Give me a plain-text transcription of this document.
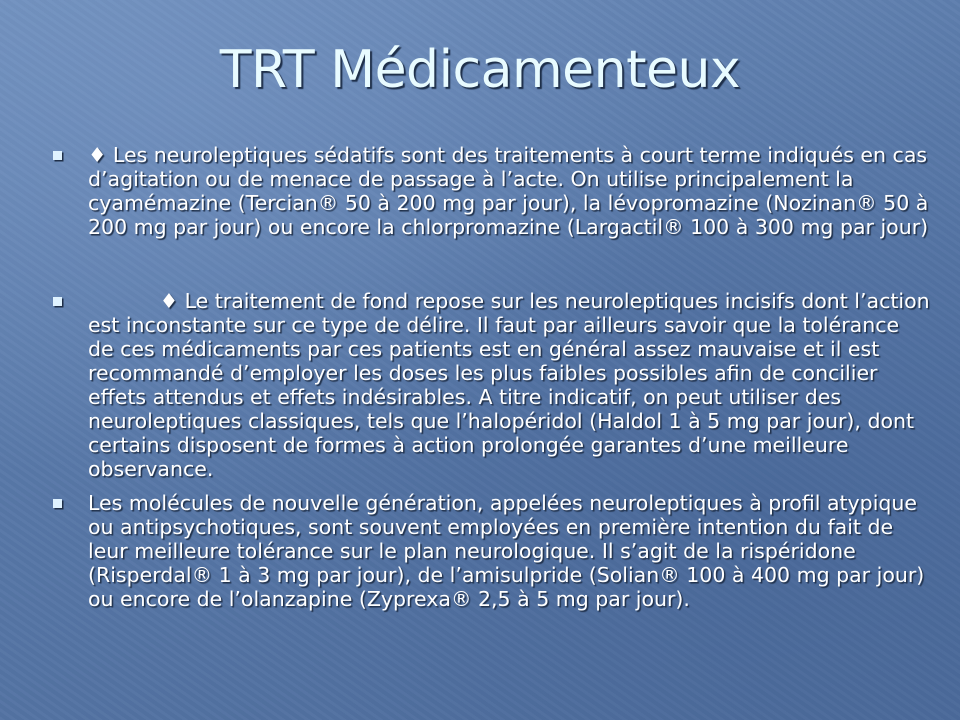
TRT Médicamenteux
♦ Les neuroleptiques sédatifs sont des traitements à court terme indiqués en cas d’agitation ou de menace de passage à l’acte. On utilise principalement la cyamémazine (Tercian® 50 à 200 mg par jour), la lévopromazine (Nozinan® 50 à 200 mg par jour) ou encore la chlorpromazine (Largactil® 100 à 300 mg par jour)
♦ Le traitement de fond repose sur les neuroleptiques incisifs dont l’action est inconstante sur ce type de délire. Il faut par ailleurs savoir que la tolérance de ces médicaments par ces patients est en général assez mauvaise et il est recommandé d’employer les doses les plus faibles possibles afin de concilier effets attendus et effets indésirables. A titre indicatif, on peut utiliser des neuroleptiques classiques, tels que l’halopéridol (Haldol 1 à 5 mg par jour), dont certains disposent de formes à action prolongée garantes d’une meilleure observance.
Les molécules de nouvelle génération, appelées neuroleptiques à profil atypique ou antipsychotiques, sont souvent employées en première intention du fait de leur meilleure tolérance sur le plan neurologique. Il s’agit de la rispéridone (Risperdal® 1 à 3 mg par jour), de l’amisulpride (Solian® 100 à 400 mg par jour) ou encore de l’olanzapine (Zyprexa® 2,5 à 5 mg par jour).
